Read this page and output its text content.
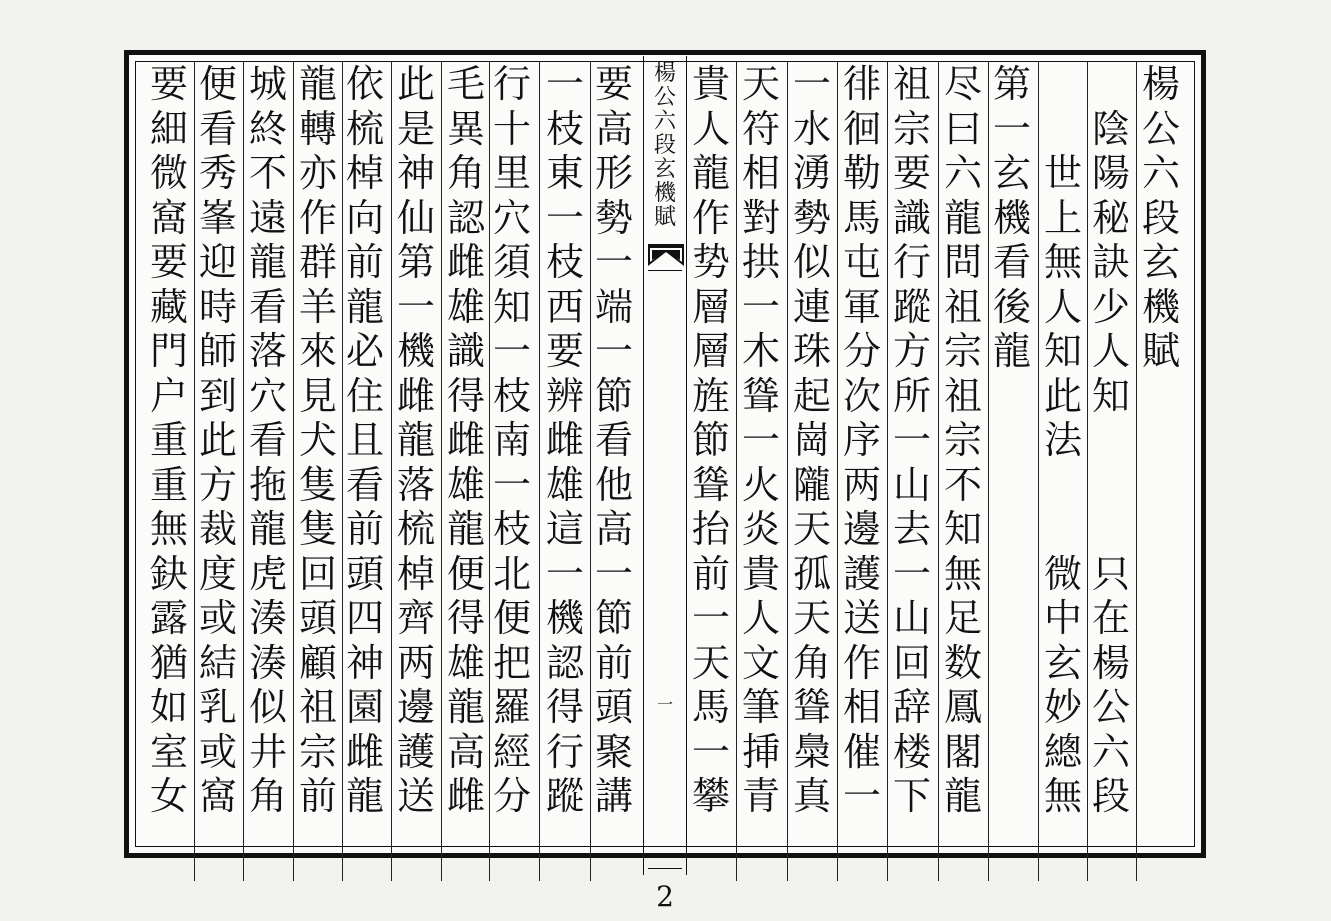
楊
公
六
段
玄
機
賦

陰
陽
秘
訣
少
人
知

只
在
楊
公
六
段

世
上
無
人
知
此
法

微
中
玄
妙
總
無
第
一
玄
機
看
後
龍
尽
曰
六
龍
問
祖
宗
祖
宗
不
知
無
足
数
鳳
閣
龍
祖
宗
要
識
行
蹤
方
所
一
山
去
一
山
回
辞
楼
下
徘
徊
勒
馬
屯
軍
分
次
序
两
邊
護
送
作
相
催
一
一
水
湧
勢
似
連
珠
起
崗
隴
天
孤
天
角
聳
䲷
真
天
符
相
對
拱
一
木
聳
一
火
炎
貴
人
文
筆
挿
青
貴
人
龍
作
势
層
層
旌
節
聳
抬
前
一
天
馬
一
攀
要
高
形
勢
一
端
一
節
看
他
高
一
節
前
頭
聚
講
一
枝
東
一
枝
西
要
辨
雌
雄
這
一
機
認
得
行
蹤
行
十
里
穴
須
知
一
枝
南
一
枝
北
便
把
羅
經
分
毛
異
角
認
雌
雄
識
得
雌
雄
龍
便
得
雄
龍
高
雌
此
是
神
仙
第
一
機
雌
龍
落
梳
棹
齊
两
邊
護
送
依
梳
棹
向
前
龍
必
住
且
看
前
頭
四
神
園
雌
龍
龍
轉
亦
作
群
羊
來
見
犬
隻
隻
回
頭
顧
祖
宗
前
城
終
不
遠
龍
看
落
穴
看
拖
龍
虎
湊
湊
似
井
角
便
看
秀
峯
迎
時
師
到
此
方
裁
度
或
結
乳
或
窩
要
細
微
窩
要
藏
門
户
重
重
無
鈌
露
猶
如
室
女
楊
公
六
段
玄
機
賦
一
2
